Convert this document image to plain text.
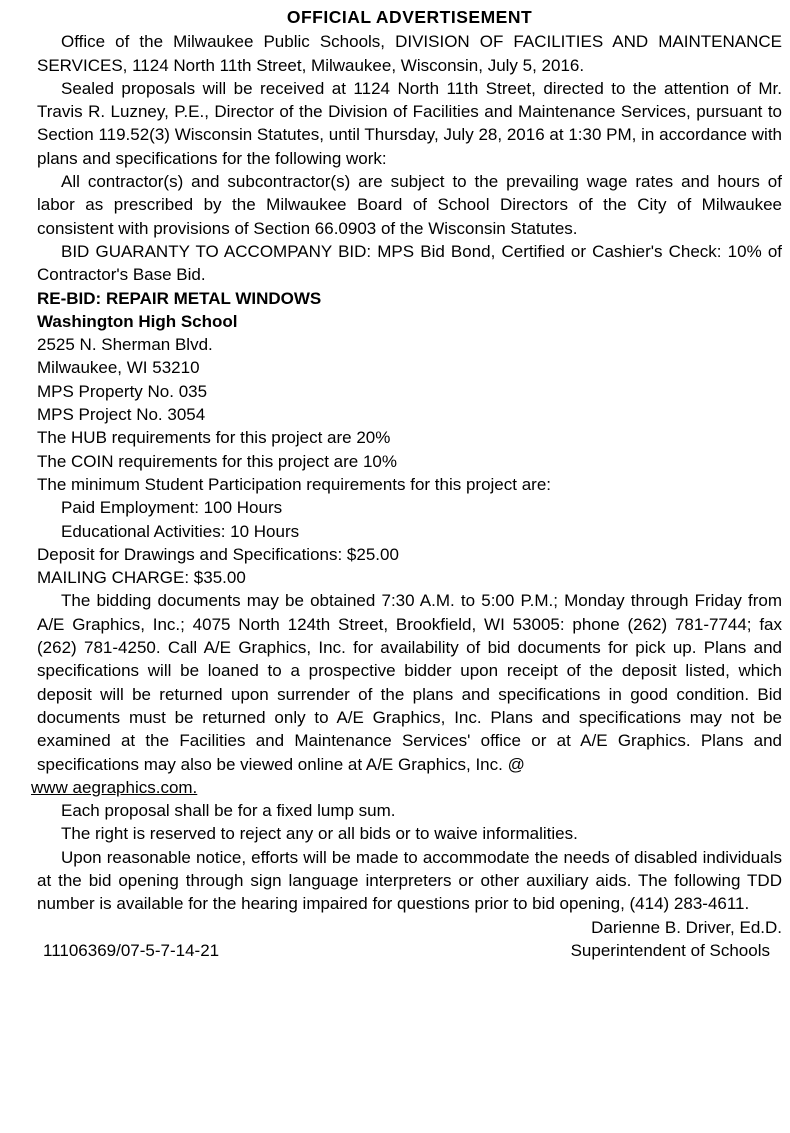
OFFICIAL ADVERTISEMENT

Office of the Milwaukee Public Schools, DIVISION OF FACILITIES AND MAINTENANCE SERVICES, 1124 North 11th Street, Milwaukee, Wisconsin, July 5, 2016.

Sealed proposals will be received at 1124 North 11th Street, directed to the attention of Mr. Travis R. Luzney, P.E., Director of the Division of Facilities and Maintenance Services, pursuant to Section 119.52(3) Wisconsin Statutes, until Thursday, July 28, 2016 at 1:30 PM, in accordance with plans and specifications for the following work:

All contractor(s) and subcontractor(s) are subject to the prevailing wage rates and hours of labor as prescribed by the Milwaukee Board of School Directors of the City of Milwaukee consistent with provisions of Section 66.0903 of the Wisconsin Statutes.

BID GUARANTY TO ACCOMPANY BID: MPS Bid Bond, Certified or Cashier's Check: 10% of Contractor's Base Bid.

RE-BID: REPAIR METAL WINDOWS

Washington High School

2525 N. Sherman Blvd.

Milwaukee, WI 53210

MPS Property No. 035

MPS Project No. 3054

The HUB requirements for this project are 20%

The COIN requirements for this project are 10%

The minimum Student Participation requirements for this project are:

Paid Employment: 100 Hours

Educational Activities: 10 Hours

Deposit for Drawings and Specifications: $25.00

MAILING CHARGE: $35.00

The bidding documents may be obtained 7:30 A.M. to 5:00 P.M.; Monday through Friday from A/E Graphics, Inc.; 4075 North 124th Street, Brookfield, WI 53005: phone (262) 781-7744; fax (262) 781-4250. Call A/E Graphics, Inc. for availability of bid documents for pick up. Plans and specifications will be loaned to a prospective bidder upon receipt of the deposit listed, which deposit will be returned upon surrender of the plans and specifications in good condition. Bid documents must be returned only to A/E Graphics, Inc. Plans and specifications may not be examined at the Facilities and Maintenance Services' office or at A/E Graphics. Plans and specifications may also be viewed online at A/E Graphics, Inc. @

www aegraphics.com.

Each proposal shall be for a fixed lump sum.

The right is reserved to reject any or all bids or to waive informalities.

Upon reasonable notice, efforts will be made to accommodate the needs of disabled individuals at the bid opening through sign language interpreters or other auxiliary aids. The following TDD number is available for the hearing impaired for questions prior to bid opening, (414) 283-4611.

Darienne B. Driver, Ed.D.
11106369/07-5-7-14-21	Superintendent of Schools
